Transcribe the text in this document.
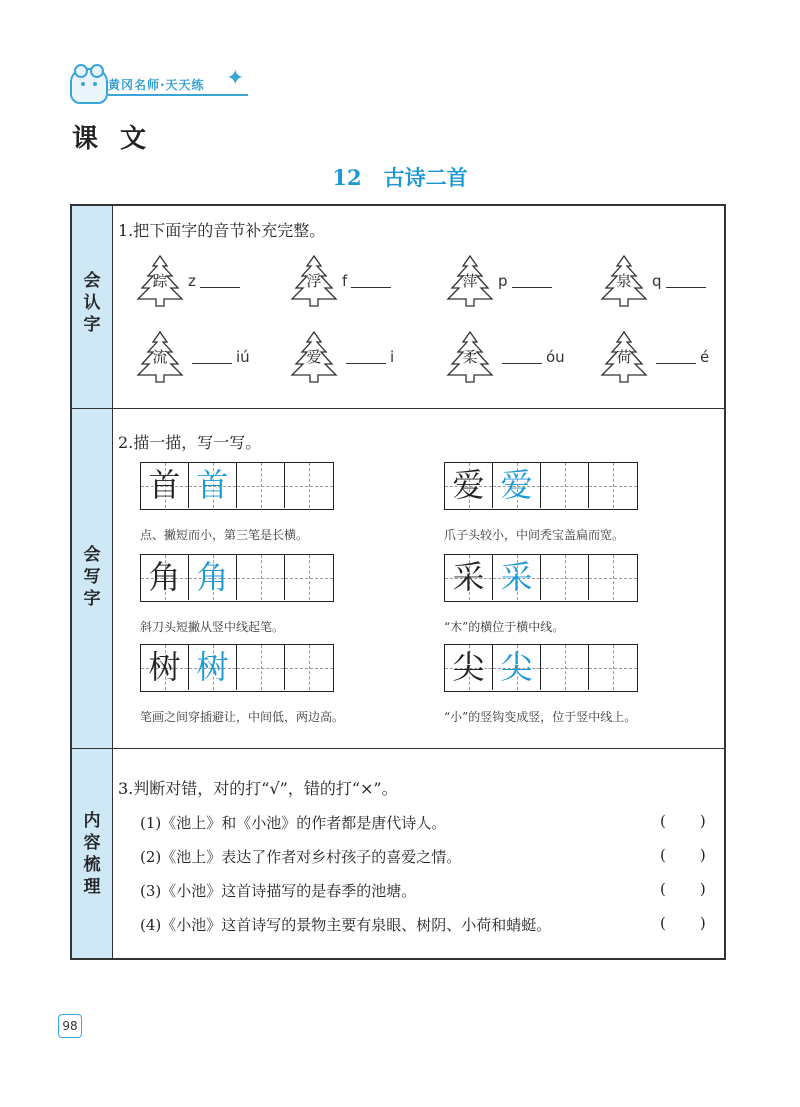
黄冈名师·天天练 ✦
课文
12 古诗二首
会
认
字
会
写
字
内
容
梳
理
1.把下面字的音节补充完整。
踪	z	浮	f	萍	p	泉	q
流	iú	爱	i	柔	óu	荷	é
2.描一描，写一写。
首 首
点、撇短而小，第三笔是长横。
爱 爱
爪子头较小，中间秃宝盖扁而宽。
角 角
斜刀头短撇从竖中线起笔。
采 采
“木”的横位于横中线。
树 树
笔画之间穿插避让，中间低，两边高。
尖 尖
“小”的竖钩变成竖，位于竖中线上。
3.判断对错，对的打“√”，错的打“×”。
(1)《池上》和《小池》的作者都是唐代诗人。	()
(2)《池上》表达了作者对乡村孩子的喜爱之情。	()
(3)《小池》这首诗描写的是春季的池塘。	()
(4)《小池》这首诗写的景物主要有泉眼、树阴、小荷和蜻蜓。	()
98
